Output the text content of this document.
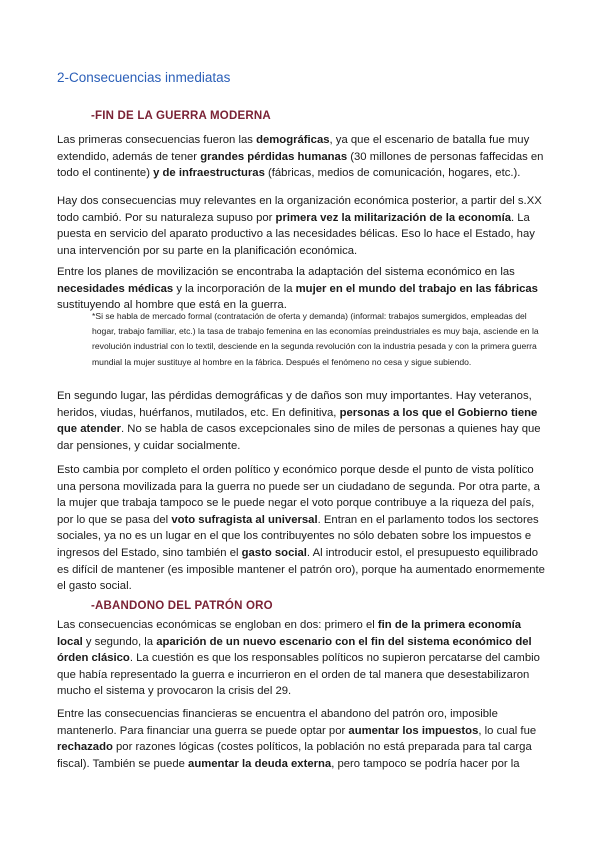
2-Consecuencias inmediatas
-FIN DE LA GUERRA MODERNA

Las primeras consecuencias fueron las demográficas, ya que el escenario de batalla fue muy extendido, además de tener grandes pérdidas humanas (30 millones de personas faffecidas en todo el continente) y de infraestructuras (fábricas, medios de comunicación, hogares, etc.).

Hay dos consecuencias muy relevantes en la organización económica posterior, a partir del s.XX todo cambió. Por su naturaleza supuso por primera vez la militarización de la economía. La puesta en servicio del aparato productivo a las necesidades bélicas. Eso lo hace el Estado, hay una intervención por su parte en la planificación económica.

Entre los planes de movilización se encontraba la adaptación del sistema económico en las necesidades médicas y la incorporación de la mujer en el mundo del trabajo en las fábricas sustituyendo al hombre que está en la guerra.

*Si se habla de mercado formal (contratación de oferta y demanda) (informal: trabajos sumergidos, empleadas del hogar, trabajo familiar, etc.) la tasa de trabajo femenina en las economías preindustriales es muy baja, asciende en la revolución industrial con lo textil, desciende en la segunda revolución con la industria pesada y con la primera guerra mundial la mujer sustituye al hombre en la fábrica. Después el fenómeno no cesa y sigue subiendo.

En segundo lugar, las pérdidas demográficas y de daños son muy importantes. Hay veteranos, heridos, viudas, huérfanos, mutilados, etc. En definitiva, personas a los que el Gobierno tiene que atender. No se habla de casos excepcionales sino de miles de personas a quienes hay que dar pensiones, y cuidar socialmente.

Esto cambia por completo el orden político y económico porque desde el punto de vista político una persona movilizada para la guerra no puede ser un ciudadano de segunda. Por otra parte, a la mujer que trabaja tampoco se le puede negar el voto porque contribuye a la riqueza del país, por lo que se pasa del voto sufragista al universal. Entran en el parlamento todos los sectores sociales, ya no es un lugar en el que los contribuyentes no sólo debaten sobre los impuestos e ingresos del Estado, sino también el gasto social. Al introducir estol, el presupuesto equilibrado es difícil de mantener (es imposible mantener el patrón oro), porque ha aumentado enormemente el gasto social.

-ABANDONO DEL PATRÓN ORO

Las consecuencias económicas se engloban en dos: primero el fin de la primera economía local y segundo, la aparición de un nuevo escenario con el fin del sistema económico del órden clásico. La cuestión es que los responsables políticos no supieron percatarse del cambio que había representado la guerra e incurrieron en el orden de tal manera que desestabilizaron mucho el sistema y provocaron la crisis del 29.

Entre las consecuencias financieras se encuentra el abandono del patrón oro, imposible mantenerlo. Para financiar una guerra se puede optar por aumentar los impuestos, lo cual fue rechazado por razones lógicas (costes políticos, la población no está preparada para tal carga fiscal). También se puede aumentar la deuda externa, pero tampoco se podría hacer por la
